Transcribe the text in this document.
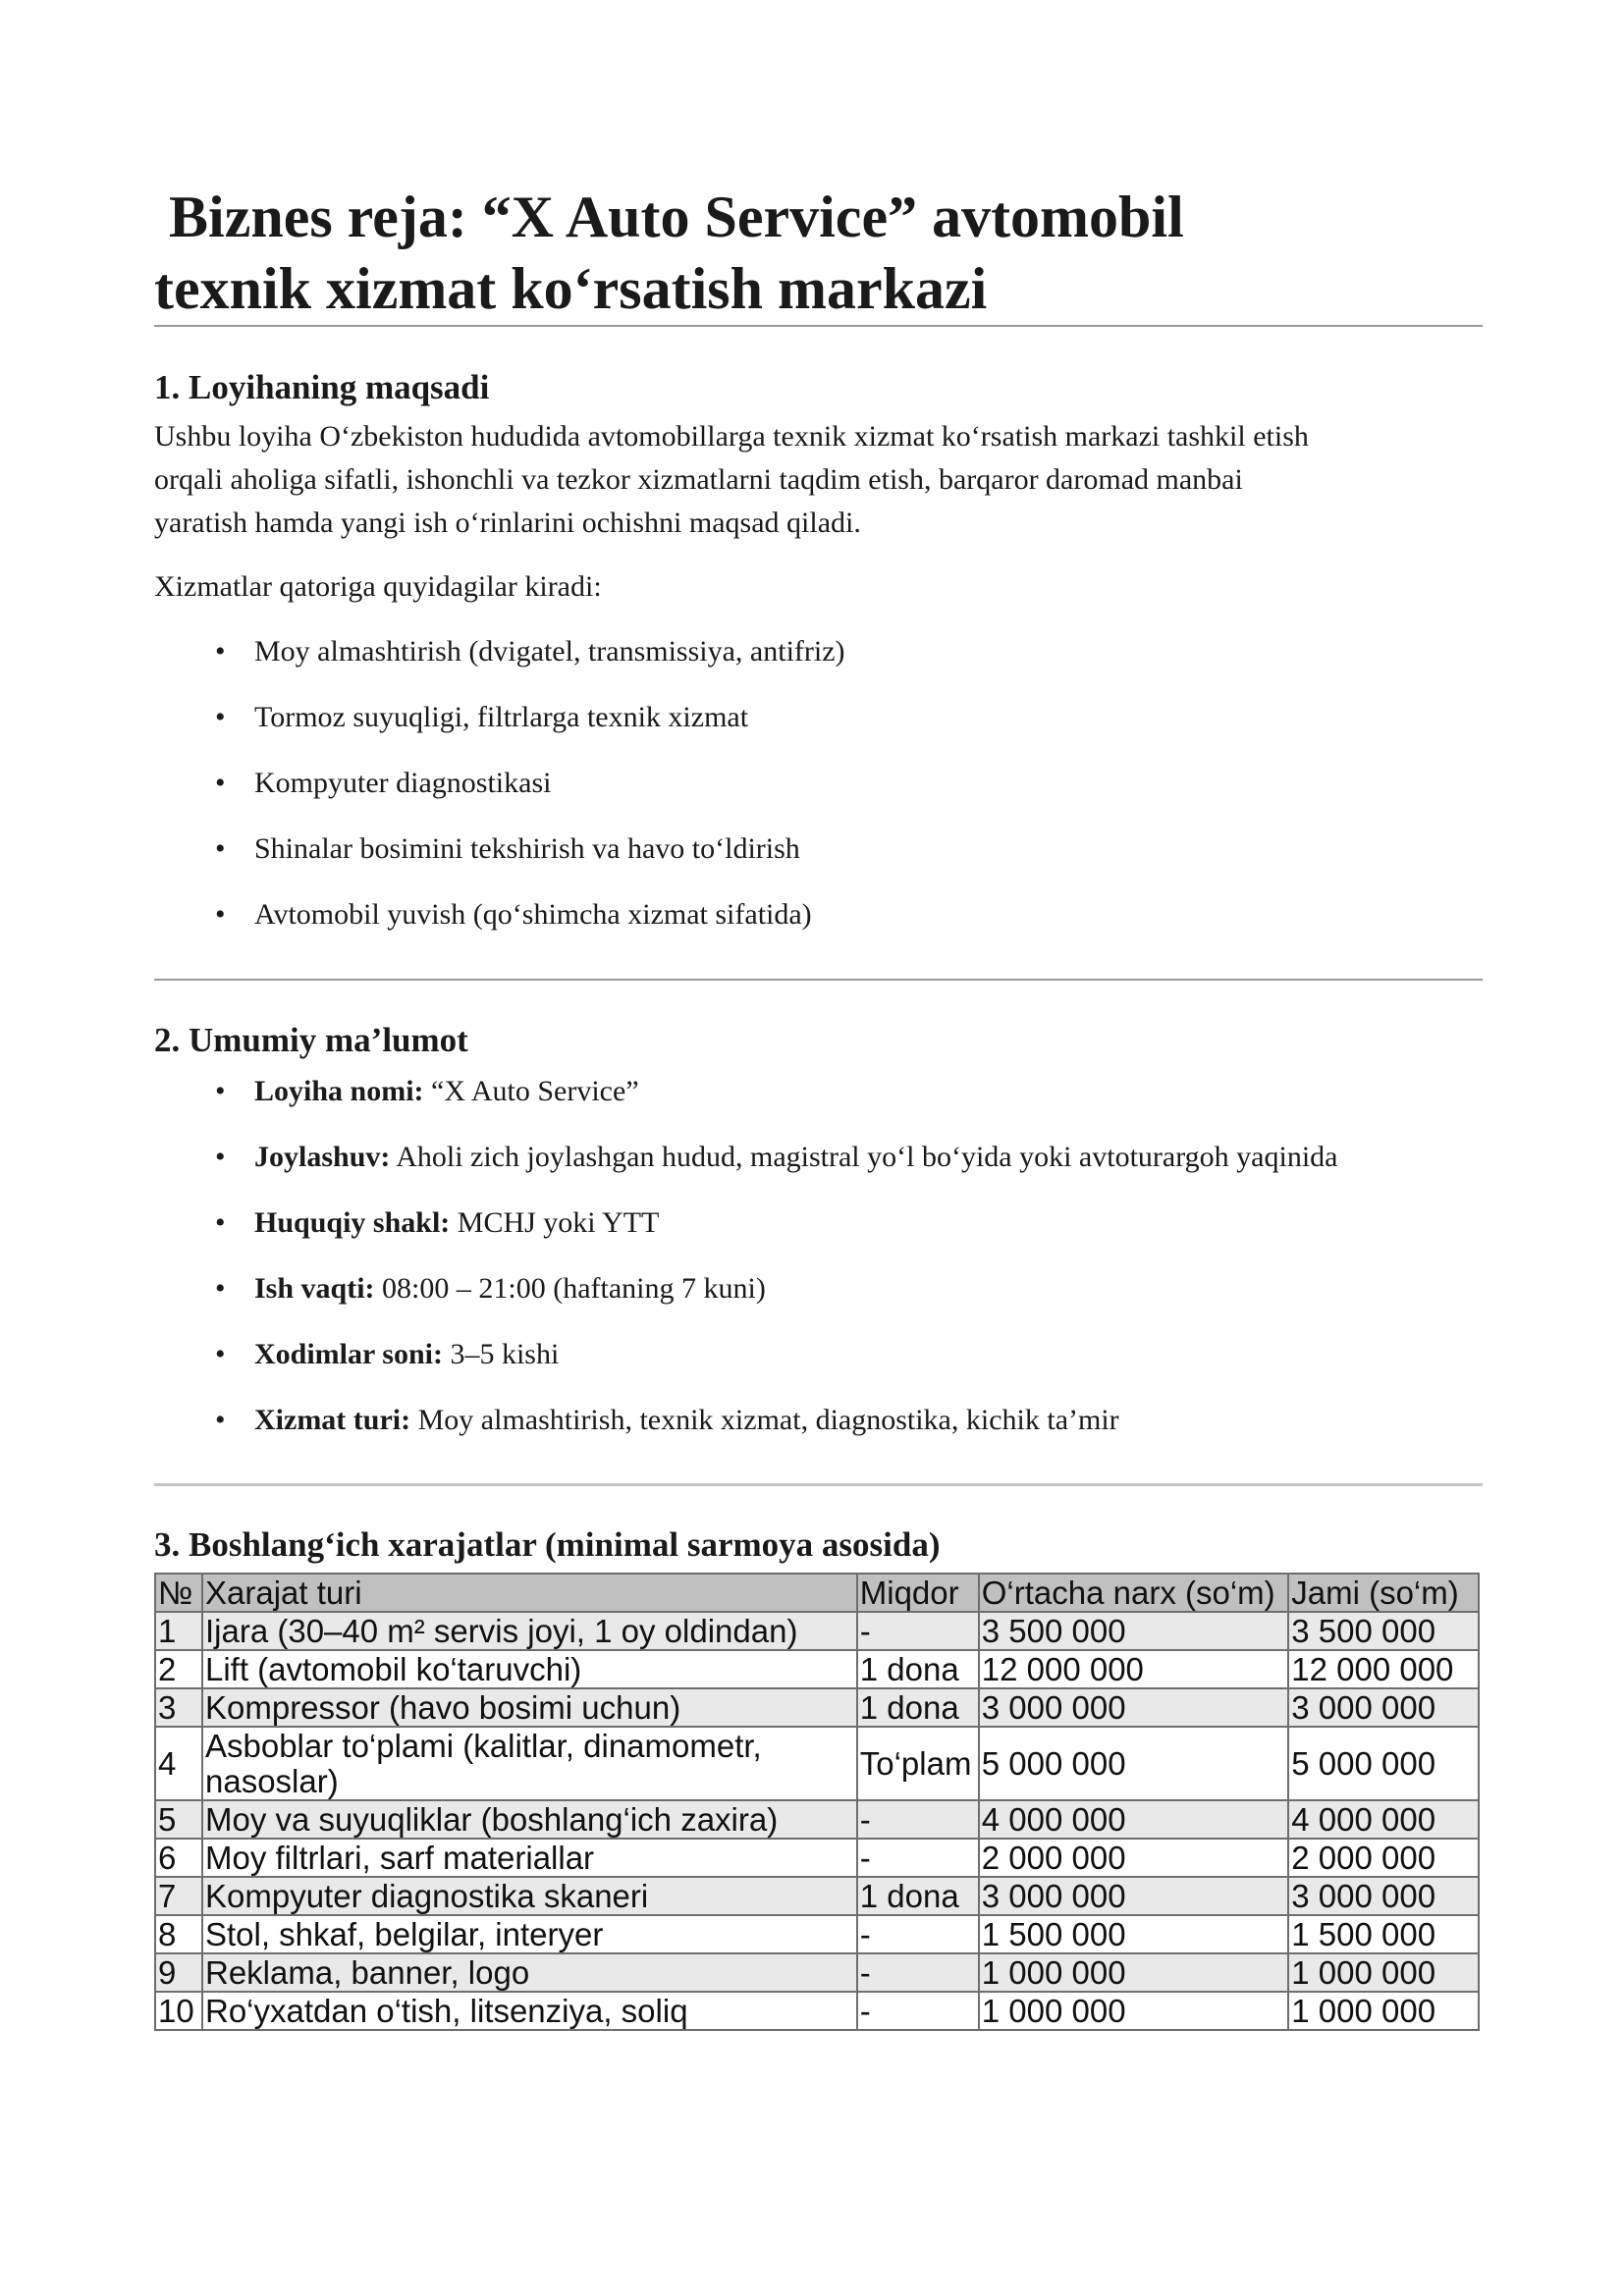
Biznes reja: “X Auto Service” avtomobil
texnik xizmat ko‘rsatish markazi
1. Loyihaning maqsadi

Ushbu loyiha O‘zbekiston hududida avtomobillarga texnik xizmat ko‘rsatish markazi tashkil etish
orqali aholiga sifatli, ishonchli va tezkor xizmatlarni taqdim etish, barqaror daromad manbai
yaratish hamda yangi ish o‘rinlarini ochishni maqsad qiladi.

Xizmatlar qatoriga quyidagilar kiradi:

• Moy almashtirish (dvigatel, transmissiya, antifriz)
• Tormoz suyuqligi, filtrlarga texnik xizmat
• Kompyuter diagnostikasi
• Shinalar bosimini tekshirish va havo to‘ldirish
• Avtomobil yuvish (qo‘shimcha xizmat sifatida)
2. Umumiy ma’lumot
• Loyiha nomi: “X Auto Service”
• Joylashuv: Aholi zich joylashgan hudud, magistral yo‘l bo‘yida yoki avtoturargoh yaqinida
• Huquqiy shakl: MCHJ yoki YTT
• Ish vaqti: 08:00 – 21:00 (haftaning 7 kuni)
• Xodimlar soni: 3–5 kishi
• Xizmat turi: Moy almashtirish, texnik xizmat, diagnostika, kichik ta’mir
3. Boshlang‘ich xarajatlar (minimal sarmoya asosida)
№	Xarajat turi	Miqdor	O‘rtacha narx (so‘m)	Jami (so‘m)
1	Ijara (30–40 m² servis joyi, 1 oy oldindan)	-	3 500 000	3 500 000
2	Lift (avtomobil ko‘taruvchi)	1 dona	12 000 000	12 000 000
3	Kompressor (havo bosimi uchun)	1 dona	3 000 000	3 000 000
4	Asboblar to‘plami (kalitlar, dinamometr, nasoslar)	To‘plam	5 000 000	5 000 000
5	Moy va suyuqliklar (boshlang‘ich zaxira)	-	4 000 000	4 000 000
6	Moy filtrlari, sarf materiallar	-	2 000 000	2 000 000
7	Kompyuter diagnostika skaneri	1 dona	3 000 000	3 000 000
8	Stol, shkaf, belgilar, interyer	-	1 500 000	1 500 000
9	Reklama, banner, logo	-	1 000 000	1 000 000
10	Ro‘yxatdan o‘tish, litsenziya, soliq	-	1 000 000	1 000 000
